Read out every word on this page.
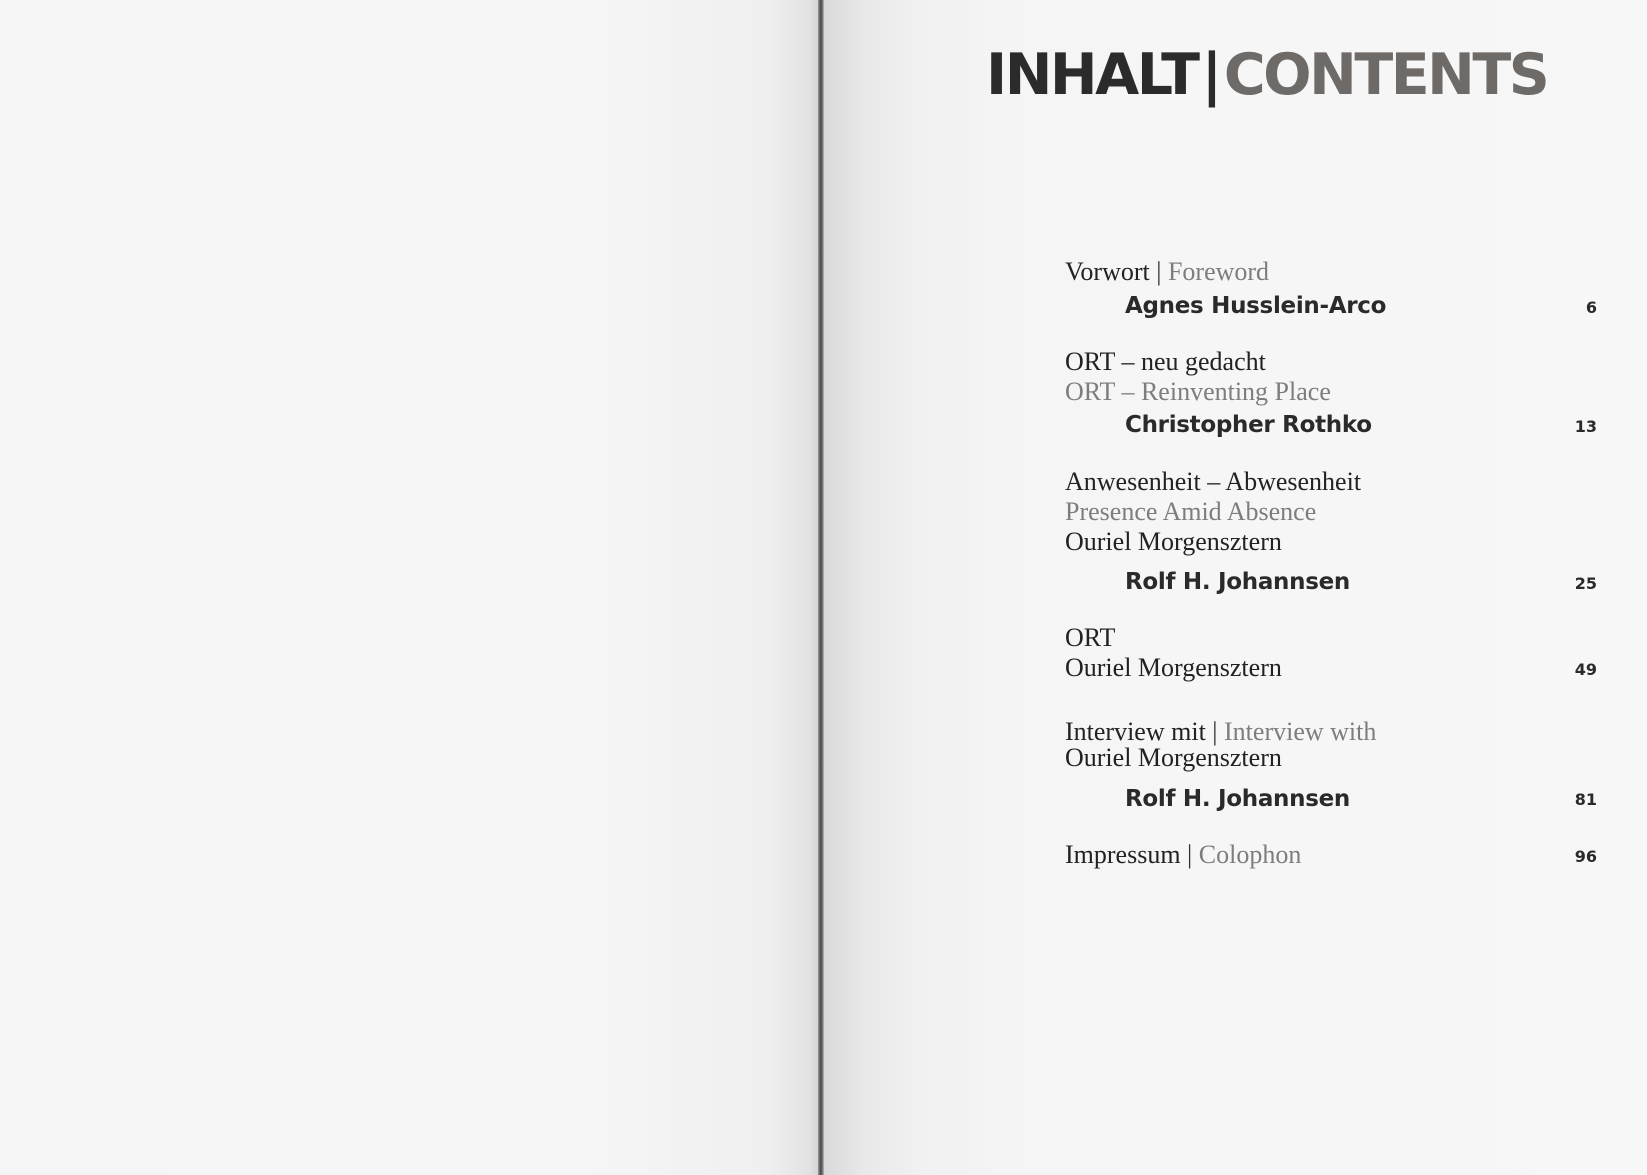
INHALT|CONTENTS
Vorwort | Foreword
Agnes Husslein-Arco	6
ORT – neu gedacht
ORT – Reinventing Place
Christopher Rothko	13
Anwesenheit – Abwesenheit
Presence Amid Absence
Ouriel Morgensztern
Rolf H. Johannsen	25
ORT
Ouriel Morgensztern	49
Interview mit | Interview with
Ouriel Morgensztern
Rolf H. Johannsen	81
Impressum | Colophon	96
